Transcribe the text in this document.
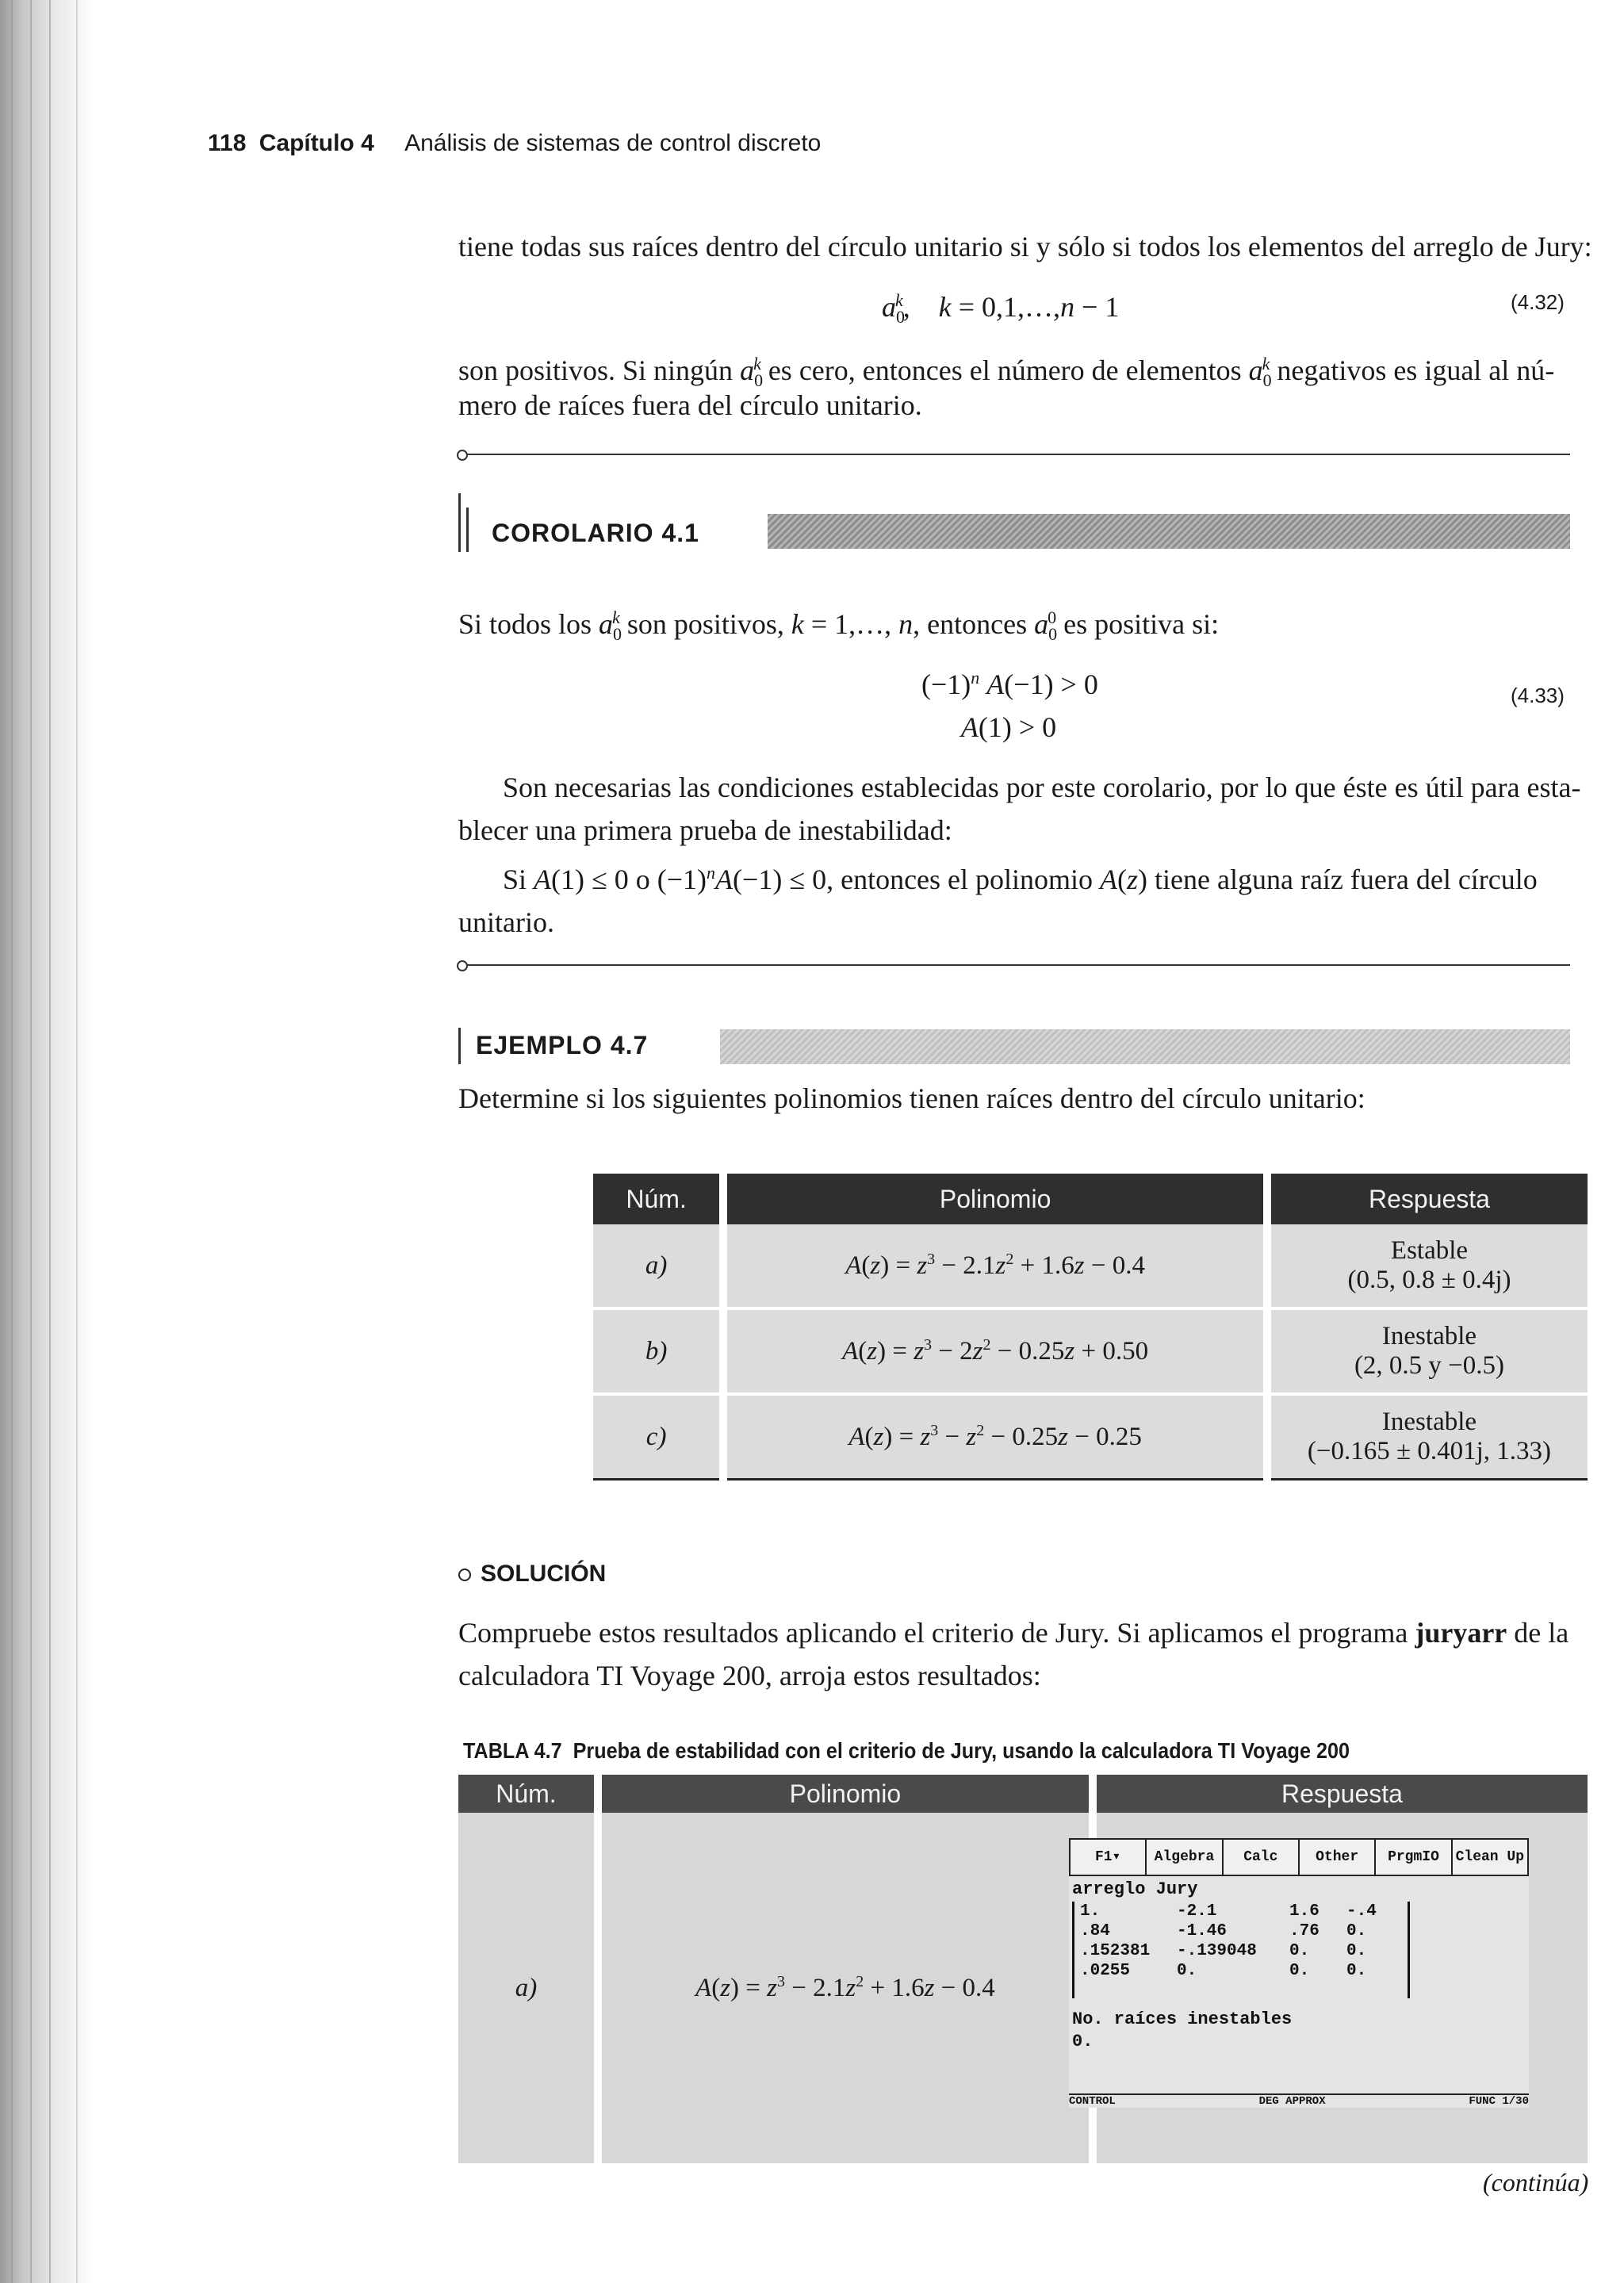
118 Capítulo 4 Análisis de sistemas de control discreto
tiene todas sus raíces dentro del círculo unitario si y sólo si todos los elementos del arreglo de Jury:
$a_0^k$,    k = 0,1,…,n − 1	(4.32)
son positivos. Si ningún $a_0^k$ es cero, entonces el número de elementos $a_0^k$ negativos es igual al nú-
mero de raíces fuera del círculo unitario.
COROLARIO 4.1
Si todos los $a_0^k$ son positivos, k = 1,…, n, entonces $a_0^0$ es positiva si:
$(-1)^n$ A(−1) > 0
A(1) > 0
(4.33)
Son necesarias las condiciones establecidas por este corolario, por lo que éste es útil para esta-
blecer una primera prueba de inestabilidad:
Si A(1) ≤ 0 o $(-1)^nA(-1) \le 0$, entonces el polinomio A(z) tiene alguna raíz fuera del círculo
unitario.
EJEMPLO 4.7
Determine si los siguientes polinomios tienen raíces dentro del círculo unitario:
Núm.	Polinomio	Respuesta
a)	$A(z) = z^3 - 2.1z^2 + 1.6z - 0.4$	Estable
(0.5, 0.8 ± 0.4j)

b)	$A(z) = z^3 - 2z^2 - 0.25z + 0.50$	Inestable
(2, 0.5 y −0.5)

c)	$A(z) = z^3 - z^2 - 0.25z - 0.25$	Inestable
(−0.165 ± 0.401j, 1.33)
SOLUCIÓN
Compruebe estos resultados aplicando el criterio de Jury. Si aplicamos el programa juryarr de la
calculadora TI Voyage 200, arroja estos resultados:
TABLA 4.7  Prueba de estabilidad con el criterio de Jury, usando la calculadora TI Voyage 200
Núm.	Polinomio	Respuesta
a)	$A(z) = z^3 - 2.1z^2 + 1.6z - 0.4$	
F1▾	Algebra	Calc	Other	PrgmIO	Clean Up
arreglo Jury
1.	-2.1	1.6	-.4
.84	-1.46	.76	0.
.152381	-.139048	0.	0.
.0255	0.	0.	0.
No. raíces inestables
0.
CONTROL	DEG APPROX	FUNC 1/30
(continúa)
